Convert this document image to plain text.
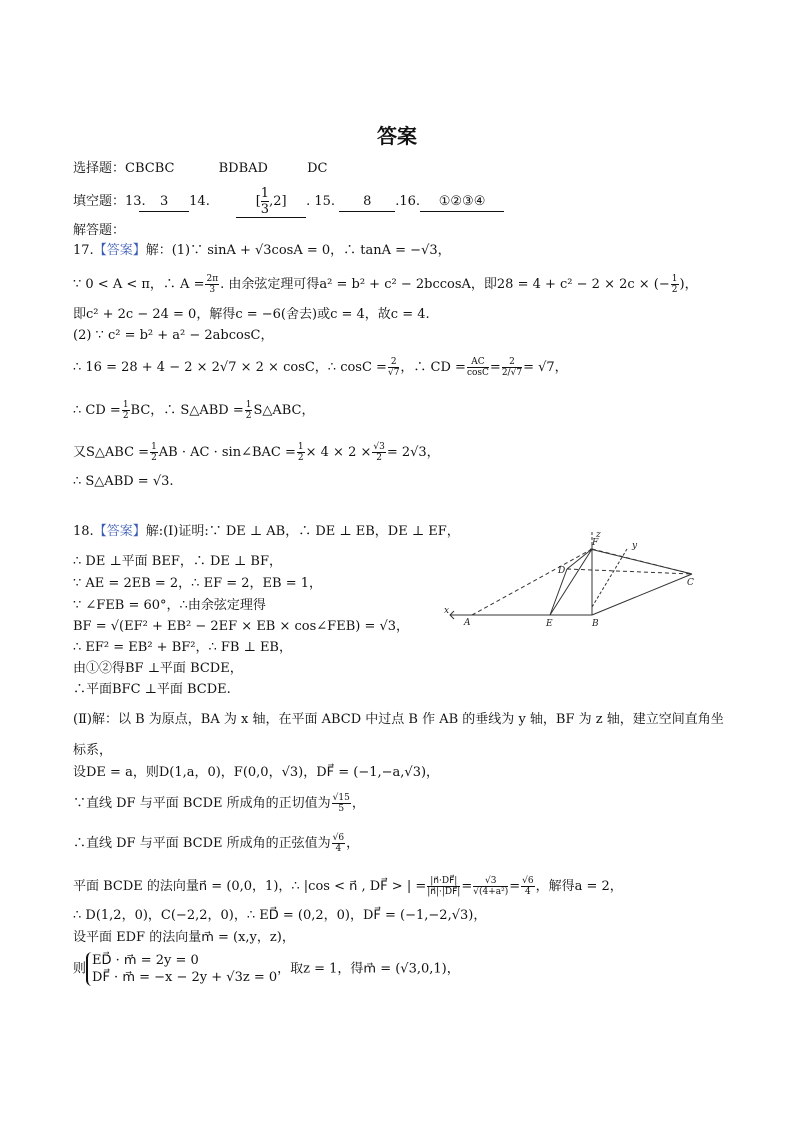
答案
选择题：CBCBC	BDBAD	DC
填空题：13. 3 14.	[ $\frac{1}{3} ,2$] . 15. 8 .16. ①②③④
解答题：
17.【答案】解：(1)∵ sinA + √3cosA = 0，∴ tanA = −√3，
∵ 0 < A < π，∴ $A = \frac{2\pi}{3}$ . 由余弦定理可得a² = b² + c² − 2bccosA，即28 = 4 + c² − 2 × 2c × (− $\frac{1}{2}$ )，
即c² + 2c − 24 = 0，解得c = −6(舍去)或c = 4，故c = 4.
(2) ∵ c² = b² + a² − 2abcosC，
∴ 16 = 28 + 4 − 2 × 2√7 × 2 × cosC，∴ $\cos C = \frac{2}{√7}$ ，∴ CD = $\frac{AC}{\cos C} = \frac{2}{2/√7} = √7$，
∴ CD = $\frac{1}{2}$ BC，∴ S△ABD = $\frac{1}{2}$ S△ABC，
又S△ABC = $\frac{1}{2}$ AB · AC · sin∠BAC = $\frac{1}{2} \times 4 \times 2 \times \frac{√3}{2} = 2√3$，
∴ S△ABD = √3.
18.【答案】解:(Ⅰ)证明:∵ DE ⊥ AB，∴ DE ⊥ EB，DE ⊥ EF，
∴ DE ⊥平面 BEF，∴ DE ⊥ BF，
∵ AE = 2EB = 2，∴ EF = 2，EB = 1，
∵ ∠FEB = 60°，∴由余弦定理得
BF = √(EF² + EB² − 2EF × EB × cos∠FEB) = √3，
∴ EF² = EB² + BF²，∴ FB ⊥ EB，
由①②得BF ⊥平面 BCDE，
∴平面BFC ⊥平面 BCDE.
(Ⅱ)解：以 B 为原点，BA 为 x 轴，在平面 ABCD 中过点 B 作 AB 的垂线为 y 轴，BF 为 z 轴，建立空间直角坐
标系，
设DE = a，则D(1,a，0)，F(0,0，√3)，DF⃗ = (−1,−a,√3)，
∵直线 DF 与平面 BCDE 所成角的正切值为 $\frac{√15}{5}$ ，
∴直线 DF 与平面 BCDE 所成角的正弦值为 $\frac{√6}{4}$ ，
平面 BCDE 的法向量n⃗ = (0,0，1)，∴ |cos < n⃗ , DF⃗ > | = $\frac{|n⃗\cdot DF⃗|}{|n⃗|\cdot|DF⃗|} = \frac{√3}{\text{√(4+a²)}} = \frac{√6}{4}$ ，解得a = 2，
∴ D(1,2，0)，C(−2,2，0)，∴ ED⃗ = (0,2，0)，DF⃗ = (−1,−2,√3)，
设平面 EDF 的法向量m⃗ = (x,y，z)，
则
ED⃗ · m⃗ = 2y = 0
DF⃗ · m⃗ = −x − 2y + √3z = 0
，取z = 1，得m⃗ = (√3,0,1)，
A	E	B
C
D
F	y
z
x
